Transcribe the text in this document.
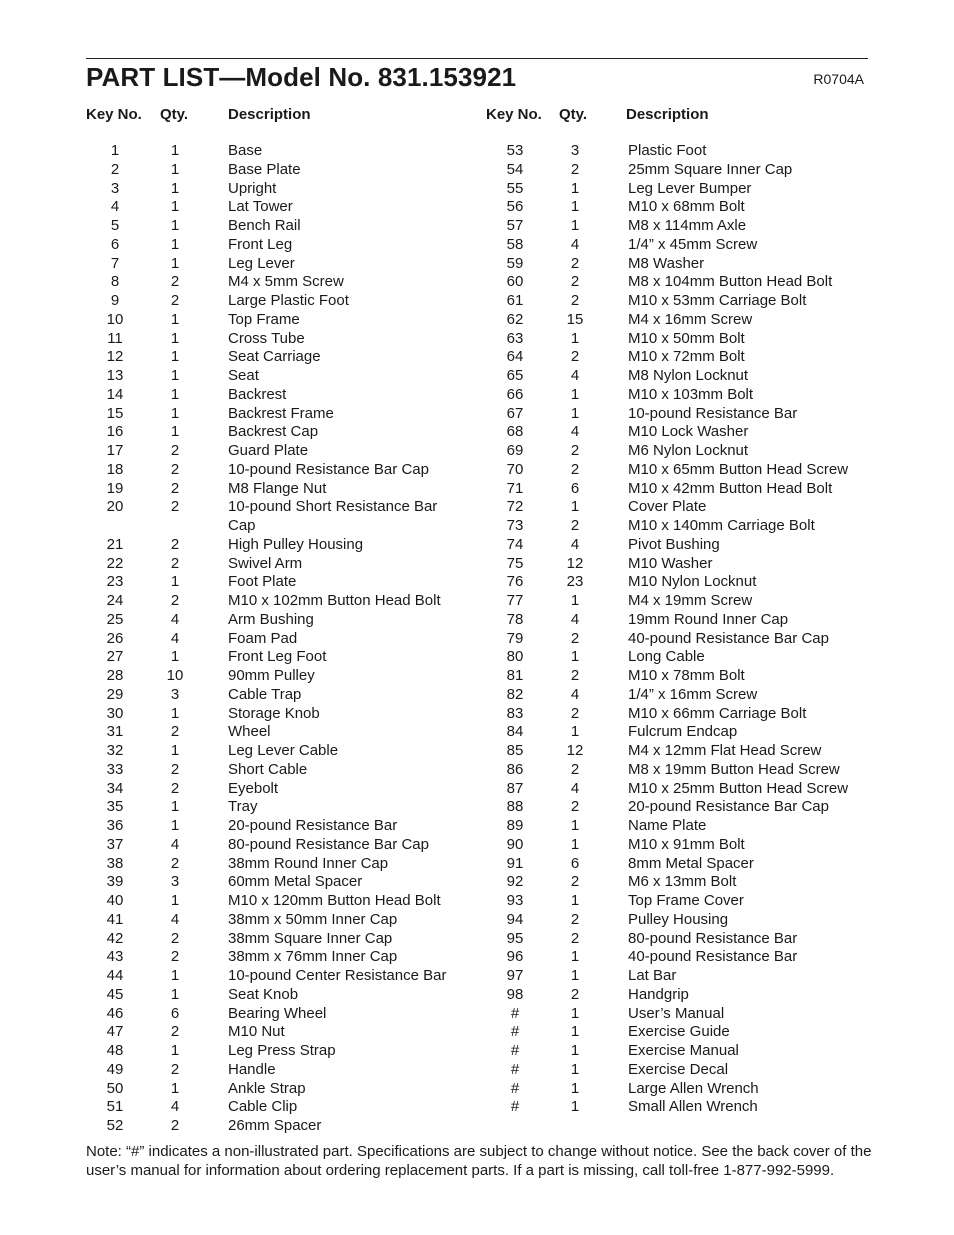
PART LIST—Model No. 831.153921	R0704A
Key No. Qty.	Description
1	1	Base
2	1	Base Plate
3	1	Upright
4	1	Lat Tower
5	1	Bench Rail
6	1	Front Leg
7	1	Leg Lever
8	2	M4 x 5mm Screw
9	2	Large Plastic Foot
10	1	Top Frame
11	1	Cross Tube
12	1	Seat Carriage
13	1	Seat
14	1	Backrest
15	1	Backrest Frame
16	1	Backrest Cap
17	2	Guard Plate
18	2	10-pound Resistance Bar Cap
19	2	M8 Flange Nut
20	2	10-pound Short Resistance Bar
Cap
21	2	High Pulley Housing
22	2	Swivel Arm
23	1	Foot Plate
24	2	M10 x 102mm Button Head Bolt
25	4	Arm Bushing
26	4	Foam Pad
27	1	Front Leg Foot
28	10	90mm Pulley
29	3	Cable Trap
30	1	Storage Knob
31	2	Wheel
32	1	Leg Lever Cable
33	2	Short Cable
34	2	Eyebolt
35	1	Tray
36	1	20-pound Resistance Bar
37	4	80-pound Resistance Bar Cap
38	2	38mm Round Inner Cap
39	3	60mm Metal Spacer
40	1	M10 x 120mm Button Head Bolt
41	4	38mm x 50mm Inner Cap
42	2	38mm Square Inner Cap
43	2	38mm x 76mm Inner Cap
44	1	10-pound Center Resistance Bar
45	1	Seat Knob
46	6	Bearing Wheel
47	2	M10 Nut
48	1	Leg Press Strap
49	2	Handle
50	1	Ankle Strap
51	4	Cable Clip
52	2	26mm Spacer
Key No. Qty.	Description
53	3	Plastic Foot
54	2	25mm Square Inner Cap
55	1	Leg Lever Bumper
56	1	M10 x 68mm Bolt
57	1	M8 x 114mm Axle
58	4	1/4” x 45mm Screw
59	2	M8 Washer
60	2	M8 x 104mm Button Head Bolt
61	2	M10 x 53mm Carriage Bolt
62	15	M4 x 16mm Screw
63	1	M10 x 50mm Bolt
64	2	M10 x 72mm Bolt
65	4	M8 Nylon Locknut
66	1	M10 x 103mm Bolt
67	1	10-pound Resistance Bar
68	4	M10 Lock Washer
69	2	M6 Nylon Locknut
70	2	M10 x 65mm Button Head Screw
71	6	M10 x 42mm Button Head Bolt
72	1	Cover Plate
73	2	M10 x 140mm Carriage Bolt
74	4	Pivot Bushing
75	12	M10 Washer
76	23	M10 Nylon Locknut
77	1	M4 x 19mm Screw
78	4	19mm Round Inner Cap
79	2	40-pound Resistance Bar Cap
80	1	Long Cable
81	2	M10 x 78mm Bolt
82	4	1/4” x 16mm Screw
83	2	M10 x 66mm Carriage Bolt
84	1	Fulcrum Endcap
85	12	M4 x 12mm Flat Head Screw
86	2	M8 x 19mm Button Head Screw
87	4	M10 x 25mm Button Head Screw
88	2	20-pound Resistance Bar Cap
89	1	Name Plate
90	1	M10 x 91mm Bolt
91	6	8mm Metal Spacer
92	2	M6 x 13mm Bolt
93	1	Top Frame Cover
94	2	Pulley Housing
95	2	80-pound Resistance Bar
96	1	40-pound Resistance Bar
97	1	Lat Bar
98	2	Handgrip
#	1	User’s Manual
#	1	Exercise Guide
#	1	Exercise Manual
#	1	Exercise Decal
#	1	Large Allen Wrench
#	1	Small Allen Wrench
Note: “#” indicates a non-illustrated part. Specifications are subject to change without notice. See the back cover of the user’s manual for information about ordering replacement parts. If a part is missing, call toll-free 1-877-992-5999.
